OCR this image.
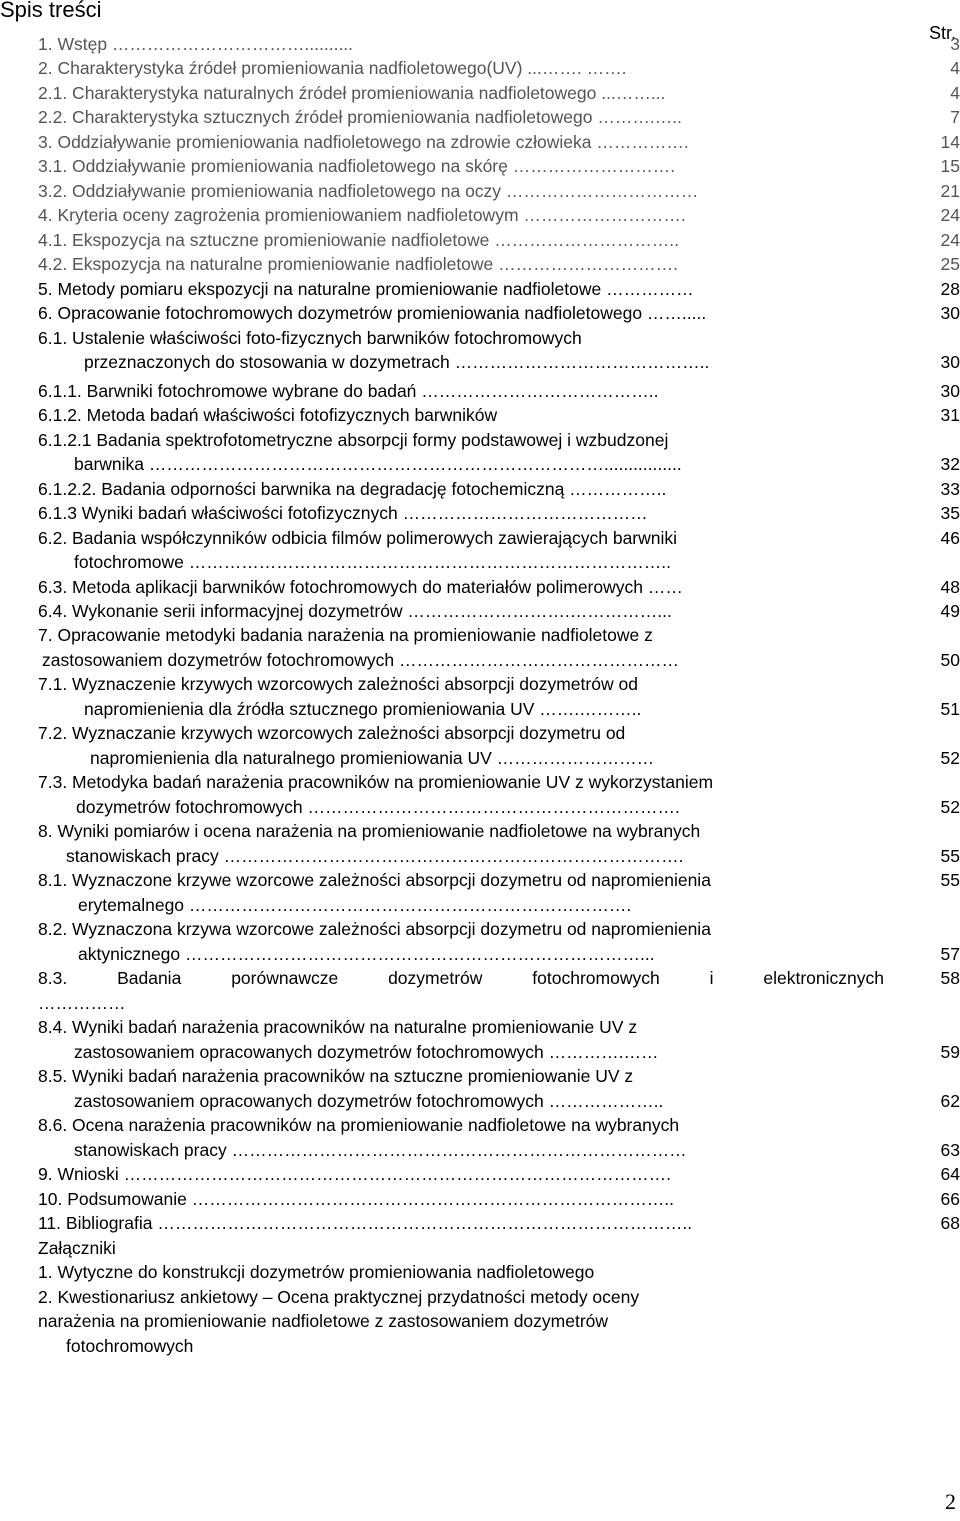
Spis treści
Str.
1. Wstęp ……………………………..........	3
2. Charakterystyka źródeł promieniowania nadfioletowego(UV) ...……. …….	4
2.1. Charakterystyka naturalnych źródeł promieniowania nadfioletowego ...……...	4
2.2. Charakterystyka sztucznych źródeł promieniowania nadfioletowego ……….…..	7
3. Oddziaływanie promieniowania nadfioletowego na zdrowie człowieka …………….	14
3.1. Oddziaływanie promieniowania nadfioletowego na skórę ……………………….	15
3.2. Oddziaływanie promieniowania nadfioletowego na oczy ……………………………	21
4. Kryteria oceny zagrożenia promieniowaniem nadfioletowym ……………………….	24
4.1. Ekspozycja na sztuczne promieniowanie nadfioletowe …………………………..	24
4.2. Ekspozycja na naturalne promieniowanie nadfioletowe ………………………….	25
5. Metody pomiaru ekspozycji na naturalne promieniowanie nadfioletowe ……………	28
6. Opracowanie fotochromowych dozymetrów promieniowania nadfioletowego …….....	30
6.1. Ustalenie właściwości foto-fizycznych barwników fotochromowych
przeznaczonych do stosowania w dozymetrach ……………………………………..	30
6.1.1. Barwniki fotochromowe wybrane do badań …………………………………..	30
6.1.2. Metoda badań właściwości fotofizycznych barwników	31
6.1.2.1 Badania spektrofotometryczne absorpcji formy podstawowej i wzbudzonej
barwnika ……………………………………………………………………................	32
6.1.2.2. Badania odporności barwnika na degradację fotochemiczną ……………..	33
6.1.3 Wyniki badań właściwości fotofizycznych ……………………………………	35
6.2. Badania współczynników odbicia filmów polimerowych zawierających barwniki	46
fotochromowe ………………………………………………………………………..
6.3. Metoda aplikacji barwników fotochromowych do materiałów polimerowych ……	48
6.4. Wykonanie serii informacyjnej dozymetrów ……………………….……………...	49
7. Opracowanie metodyki badania narażenia na promieniowanie nadfioletowe z
zastosowaniem dozymetrów fotochromowych …………………………………………	50
7.1. Wyznaczenie krzywych wzorcowych zależności absorpcji dozymetrów od
napromienienia dla źródła sztucznego promieniowania UV …….………..	51
7.2. Wyznaczanie krzywych wzorcowych zależności absorpcji dozymetru od
napromienienia dla naturalnego promieniowania UV ………………………	52
7.3. Metodyka badań narażenia pracowników na promieniowanie UV z wykorzystaniem
dozymetrów fotochromowych ……………………………………………………….	52
8. Wyniki pomiarów i ocena narażenia na promieniowanie nadfioletowe na wybranych
stanowiskach pracy …………………………………………………………………….	55
8.1. Wyznaczone krzywe wzorcowe zależności absorpcji dozymetru od napromienienia	55
erytemalnego ………………………………………………………………….
8.2. Wyznaczona krzywa wzorcowe zależności absorpcji dozymetru od napromienienia
aktynicznego ……………………………………………………………………...	57
8.3. Badania porównawcze dozymetrów fotochromowych i elektronicznych	58
……………
8.4. Wyniki badań narażenia pracowników na naturalne promieniowanie UV z
zastosowaniem opracowanych dozymetrów fotochromowych ………….……	59
8.5. Wyniki badań narażenia pracowników na sztuczne promieniowanie UV z
zastosowaniem opracowanych dozymetrów fotochromowych ………………..	62
8.6. Ocena narażenia pracowników na promieniowanie nadfioletowe na wybranych
stanowiskach pracy ……………………………………………………………………	63
9. Wnioski ………………………………………………………………………………….	64
10. Podsumowanie ………………………………………………………………………..	66
11. Bibliografia ………………………………………………………………………………..	68
Załączniki
1. Wytyczne do konstrukcji dozymetrów promieniowania nadfioletowego
2. Kwestionariusz ankietowy – Ocena praktycznej przydatności metody oceny
narażenia na promieniowanie nadfioletowe z zastosowaniem dozymetrów
fotochromowych
2
